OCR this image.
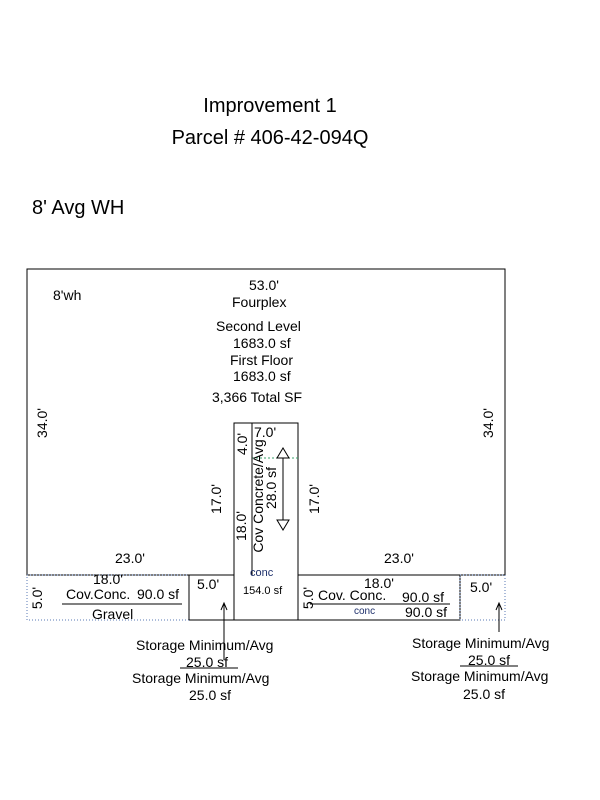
Improvement 1
Parcel # 406-42-094Q
8' Avg WH
8'wh
53.0'
Fourplex
Second Level
1683.0 sf
First Floor
1683.0 sf
3,366 Total SF
34.0'	34.0'
23.0'	23.0'
7.0'
4.0'
17.0'	17.0'
18.0' Cov Concrete/Avg
28.0 sf
conc
154.0 sf
18.0'
Cov.Conc. 90.0 sf
Gravel
5.0'
5.0'	18.0'
5.0' Cov. Conc. 90.0 sf
conc 90.0 sf
5.0'
Storage Minimum/Avg
25.0 sf
Storage Minimum/Avg
25.0 sf
Storage Minimum/Avg
25.0 sf
Storage Minimum/Avg
25.0 sf
